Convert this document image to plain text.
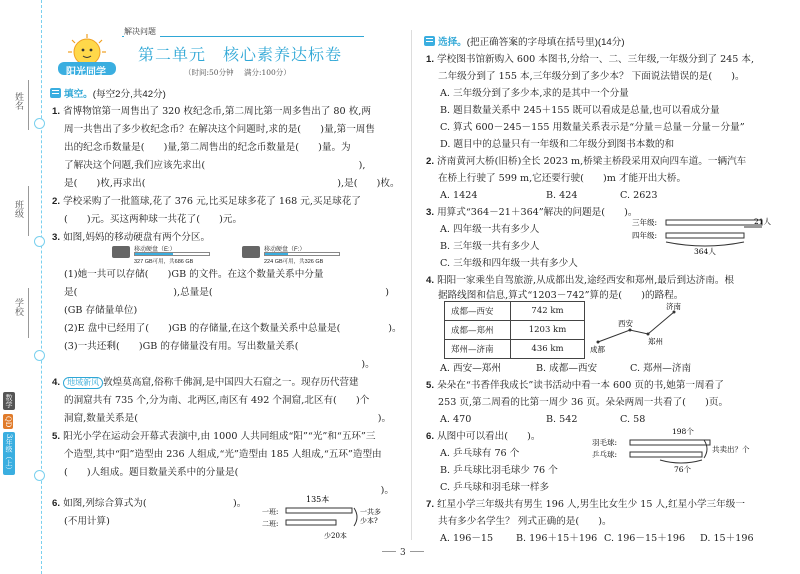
姓名
班级
学校
数学
QD
3年级（上）
阳光同学
解决问题
第二单元　核心素养达标卷
（时间:50分钟 满分:100分）
填空。(每空2分,共42分)
1. 省博物馆第一周售出了 320 枚纪念币,第二周比第一周多售出了 80 枚,两
周一共售出了多少枚纪念币？在解决这个问题时,求的是(　　)量,第一周售
出的纪念币数量是(　　)量,第二周售出的纪念币数量是(　　)量。为
了解决这个问题,我们应该先求出(　　　　　　　　　　　　　　　　),
是(　　)枚,再求出(　　　　　　　　　　　　　　　　　　　　),是(　　)枚。
2. 学校采购了一批篮球,花了 376 元,比买足球多花了 168 元,买足球花了
(　　)元。买这两种球一共花了(　　)元。
3. 如图,妈妈的移动硬盘有两个分区。
移动硬盘（E:）
327 GB可用，共686 GB
移动硬盘（F:）
224 GB可用，共326 GB
(1)她一共可以存储(　　)GB 的文件。在这个数量关系中分量
是(　　　　　　　　　　),总量是(　　　　　　　　　　　　　　　　　　)
(GB 存储量单位)
(2)E 盘中已经用了(　　)GB 的存储量,在这个数量关系中总量是(　　　　　)。
(3)一共还剩(　　)GB 的存储量没有用。写出数量关系(　　　　　　　　　　
　　　　　　　　　　　　　　　　　　　　　　　　　　　　　　　)。
4. 地域新风 敦煌莫高窟,俗称千佛洞,是中国四大石窟之一。现存历代营建
的洞窟共有 735 个,分为南、北两区,南区有 492 个洞窟,北区有(　　)个
洞窟,数量关系是(　　　　　　　　　　　　　　　　　　　　　　　　　)。
5. 阳光小学在运动会开幕式表演中,由 1000 人共同组成“阳”“光”和“五环”三
个造型,其中“阳”造型由 236 人组成,“光”造型由 185 人组成,“五环”造型由
(　　)人组成。题目数量关系中的分量是(　　　　　　　　　　　　　　　
　　　　　　　　　　　　　　　　　　　　　　　　　　　　　　　　　)。
6. 如图,列综合算式为(　　　　　　　　　)。
(不用计算)
135本
一班:
二班:
一共多
少本?
少20本
选择。(把正确答案的字母填在括号里)(14分)
1. 学校图书馆新购入 600 本图书,分给一、二、三年级,一年级分到了 245 本,
二年级分到了 155 本,三年级分到了多少本？ 下面说法错误的是(　　)。
A. 三年级分到了多少本,求的是其中一个分量
B. 题目数量关系中 245＋155 既可以看成是总量,也可以看成分量
C. 算式 600－245－155 用数量关系表示是“分量＝总量－分量－分量”
D. 题目中的总量只有一年级和二年级分到图书本数的和
2. 济南黄河大桥(旧桥)全长 2023 m,桥梁主桥段采用双向四车道。一辆汽车
在桥上行驶了 599 m,它还要行驶(　　)m 才能开出大桥。
A. 1424	B. 424	C. 2623
3. 用算式“364－21＋364”解决的问题是(　　)。
A. 四年级一共有多少人
B. 三年级一共有多少人
C. 三年级和四年级一共有多少人
三年级:
四年级:
21人
364人
4. 阳阳一家乘坐自驾旅游,从成都出发,途经西安和郑州,最后到达济南。根
据路线图和信息,算式“1203－742”算的是(　　)的路程。
成都—西安	742 km
成都—郑州	1203 km
郑州—济南	436 km
济南
西安
郑州
成都
A. 西安—郑州	B. 成都—西安	C. 郑州—济南
5. 朵朵在“书香伴我成长”读书活动中看一本 600 页的书,她第一周看了
253 页,第二周看的比第一周少 36 页。朵朵两周一共看了(　　)页。
A. 470	B. 542	C. 58
6. 从图中可以看出(　　)。
A. 乒乓球有 76 个
B. 乒乓球比羽毛球少 76 个
C. 乒乓球和羽毛球一样多
198个
羽毛球:
乒乓球:
共卖出？个
76个
7. 红星小学三年级共有男生 196 人,男生比女生少 15 人,红星小学三年级一
共有多少名学生？ 列式正确的是(　　)。
A. 196－15 B. 196＋15＋196 C. 196－15＋196 D. 15＋196
3
